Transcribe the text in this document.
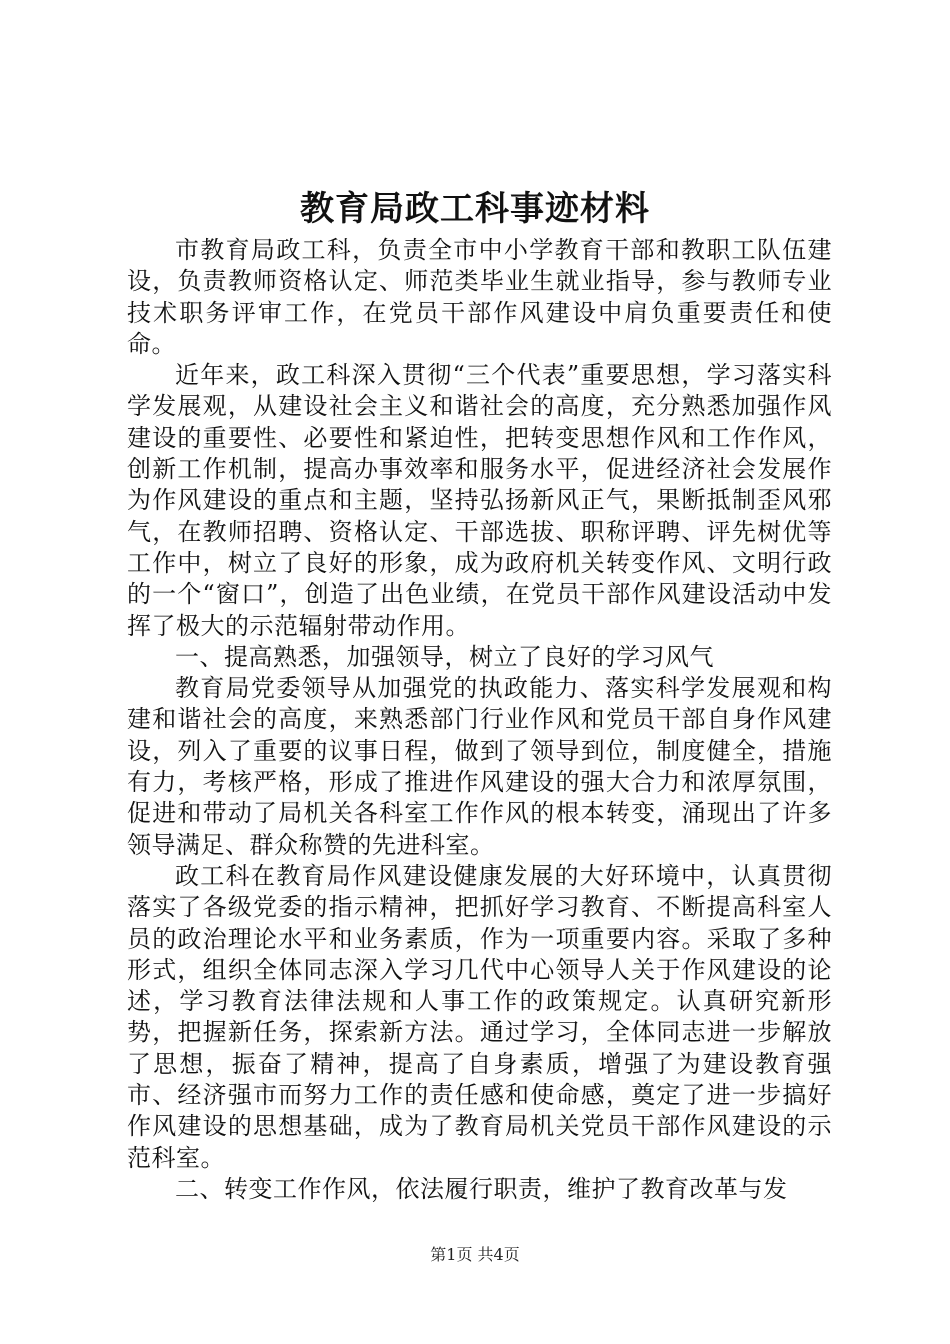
教育局政工科事迹材料

市教育局政工科，负责全市中小学教育干部和教职工队伍建设，负责教师资格认定、师范类毕业生就业指导，参与教师专业技术职务评审工作，在党员干部作风建设中肩负重要责任和使命。

近年来，政工科深入贯彻“三个代表”重要思想，学习落实科学发展观，从建设社会主义和谐社会的高度，充分熟悉加强作风建设的重要性、必要性和紧迫性，把转变思想作风和工作作风，创新工作机制，提高办事效率和服务水平，促进经济社会发展作为作风建设的重点和主题，坚持弘扬新风正气，果断抵制歪风邪气，在教师招聘、资格认定、干部选拔、职称评聘、评先树优等工作中，树立了良好的形象，成为政府机关转变作风、文明行政的一个“窗口”，创造了出色业绩，在党员干部作风建设活动中发挥了极大的示范辐射带动作用。

一、提高熟悉，加强领导，树立了良好的学习风气

教育局党委领导从加强党的执政能力、落实科学发展观和构建和谐社会的高度，来熟悉部门行业作风和党员干部自身作风建设，列入了重要的议事日程，做到了领导到位，制度健全，措施有力，考核严格，形成了推进作风建设的强大合力和浓厚氛围，促进和带动了局机关各科室工作作风的根本转变，涌现出了许多领导满足、群众称赞的先进科室。

政工科在教育局作风建设健康发展的大好环境中，认真贯彻落实了各级党委的指示精神，把抓好学习教育、不断提高科室人员的政治理论水平和业务素质，作为一项重要内容。采取了多种形式，组织全体同志深入学习几代中心领导人关于作风建设的论述，学习教育法律法规和人事工作的政策规定。认真研究新形势，把握新任务，探索新方法。通过学习，全体同志进一步解放了思想，振奋了精神，提高了自身素质，增强了为建设教育强市、经济强市而努力工作的责任感和使命感，奠定了进一步搞好作风建设的思想基础，成为了教育局机关党员干部作风建设的示范科室。

二、转变工作作风，依法履行职责，维护了教育改革与发

第1页 共4页
